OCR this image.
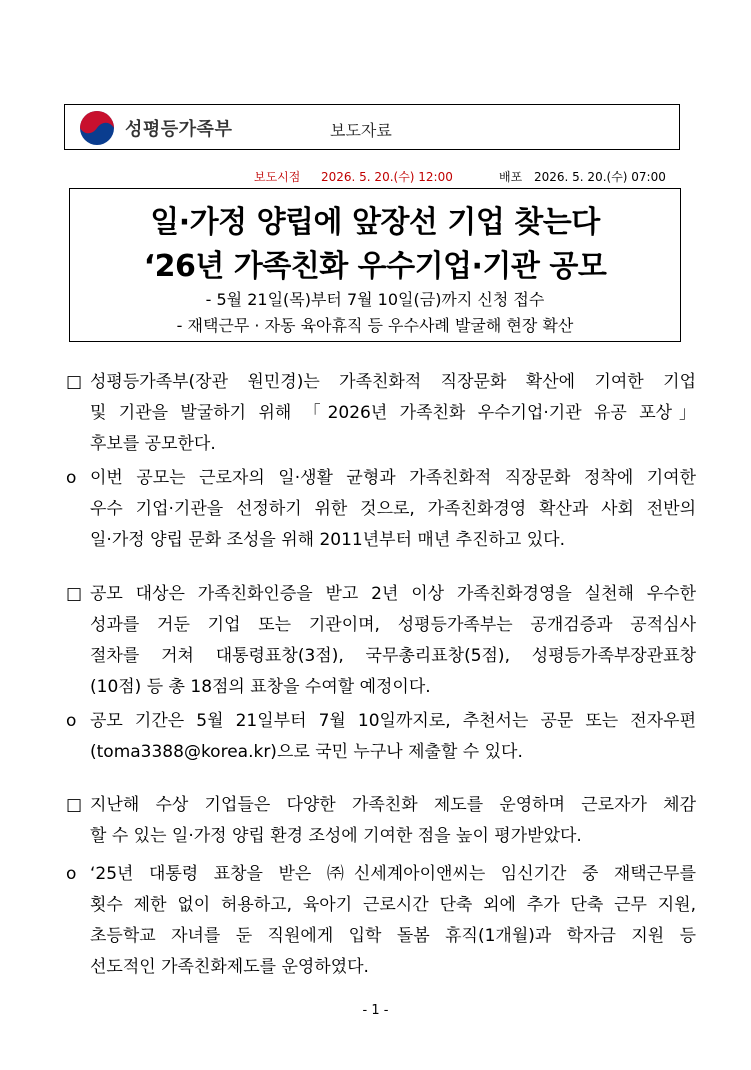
성평등가족부	보도자료
보도시점 2026. 5. 20.(수) 12:00	배포 2026. 5. 20.(수) 07:00
일·가정 양립에 앞장선 기업 찾는다
‘26년 가족친화 우수기업·기관 공모
- 5월 21일(목)부터 7월 10일(금)까지 신청 접수
- 재택근무 · 자동 육아휴직 등 우수사례 발굴해 현장 확산
□ 성평등가족부(장관 원민경)는 가족친화적 직장문화 확산에 기여한 기업
및 기관을 발굴하기 위해 「2026년 가족친화 우수기업·기관 유공 포상」
후보를 공모한다.
ο 이번 공모는 근로자의 일·생활 균형과 가족친화적 직장문화 정착에 기여한
우수 기업·기관을 선정하기 위한 것으로, 가족친화경영 확산과 사회 전반의
일·가정 양립 문화 조성을 위해 2011년부터 매년 추진하고 있다.
□ 공모 대상은 가족친화인증을 받고 2년 이상 가족친화경영을 실천해 우수한
성과를 거둔 기업 또는 기관이며, 성평등가족부는 공개검증과 공적심사
절차를 거쳐 대통령표창(3점), 국무총리표창(5점), 성평등가족부장관표창
(10점) 등 총 18점의 표창을 수여할 예정이다.
ο 공모 기간은 5월 21일부터 7월 10일까지로, 추천서는 공문 또는 전자우편
(toma3388@korea.kr)으로 국민 누구나 제출할 수 있다.
□ 지난해 수상 기업들은 다양한 가족친화 제도를 운영하며 근로자가 체감
할 수 있는 일·가정 양립 환경 조성에 기여한 점을 높이 평가받았다.
ο ‘25년 대통령 표창을 받은 ㈜신세계아이앤씨는 임신기간 중 재택근무를
횟수 제한 없이 허용하고, 육아기 근로시간 단축 외에 추가 단축 근무 지원,
초등학교 자녀를 둔 직원에게 입학 돌봄 휴직(1개월)과 학자금 지원 등
선도적인 가족친화제도를 운영하였다.
- 1 -
